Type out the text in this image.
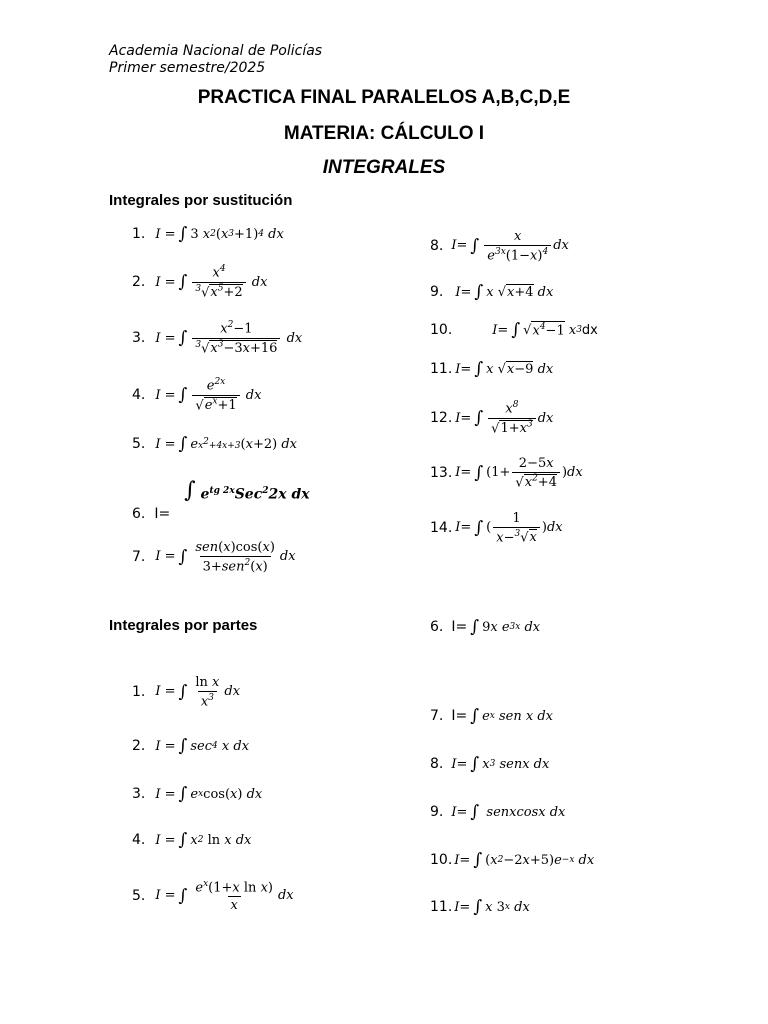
Academia Nacional de Policías
Primer semestre/2025
PRACTICA FINAL PARALELOS A,B,C,D,E
MATERIA: CÁLCULO I
INTEGRALES
Integrales por sustitución
1. I = ∫ 3 x 2 ( x 3 +1) 4 dx
2. I = ∫ $\frac{x^4}{^3√x^5+2}$ dx
3. I = ∫ $\frac{x^2-1}{^3√x^3-3x+16}$ dx
4. I = ∫ $\frac{e^{2x}}{√e^x+1}$ dx
5. I = ∫ e $x^2+4x+3$ ( x +2) dx
6. I=
∫ $e^{tg 2x}Sec^22x$ dx
7. I = ∫ $\frac{\text{sen(x)cos(x)}}{3+sen^2(x)}$ dx
8. I = ∫ $\frac{x}{e^{3x}(1-x)^4}$ dx
9. I = ∫ x √ x+4 dx
10.	I = ∫ √ $x^4-1$ x 3 dx
11. I = ∫ x √ x−9 dx
12. I = ∫ $\frac{x^8}{√1+x^3}$ dx
13. I = ∫ ($1+ \frac{2-5x}{√x^2+4}$ ) dx
14. I = ∫ ( $\frac{1}{x-^3√x}$ ) dx
Integrales por partes	6. I= ∫ 9 x e 3x dx
1. I = ∫ $\frac{\text{ln x}}{x^3}$ dx
2. I = ∫ sec 4 x dx
3. I = ∫ e x cos( x ) dx
4. I = ∫ x 2 ln x dx
5. I = ∫ $\frac{e^x(1+x \ln x)}{x}$ dx
7. I= ∫ e x sen x dx
8. I = ∫ x 3 senx dx
9. I = ∫ senxcosx dx
10. I = ∫ ( x 2 −2 x +5) e −x dx
11. I = ∫ x 3 x dx
